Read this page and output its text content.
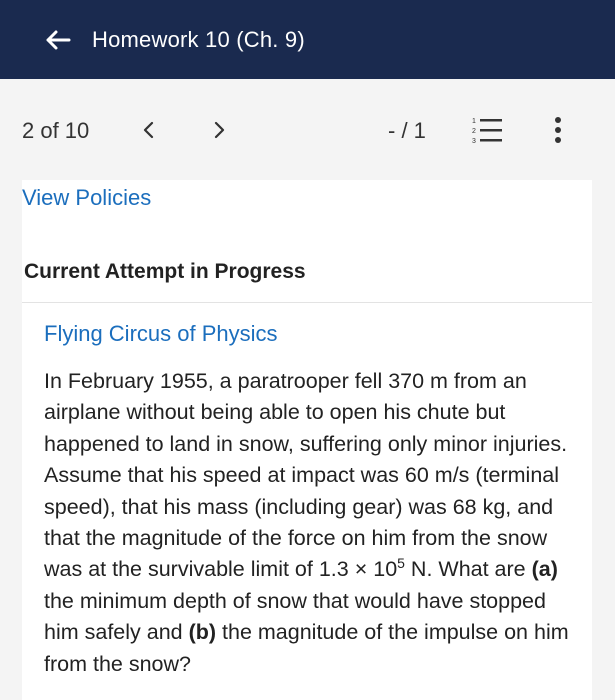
Homework 10 (Ch. 9)
2 of 10	- / 1	1
2
3
View Policies
Current Attempt in Progress
Flying Circus of Physics
In February 1955, a paratrooper fell 370 m from an airplane without being able to open his chute but happened to land in snow, suffering only minor injuries. Assume that his speed at impact was 60 m/s (terminal speed), that his mass (including gear) was 68 kg, and that the magnitude of the force on him from the snow was at the survivable limit of $1.3 \times 10^5$ N. What are (a) the minimum depth of snow that would have stopped him safely and (b) the magnitude of the impulse on him from the snow?
